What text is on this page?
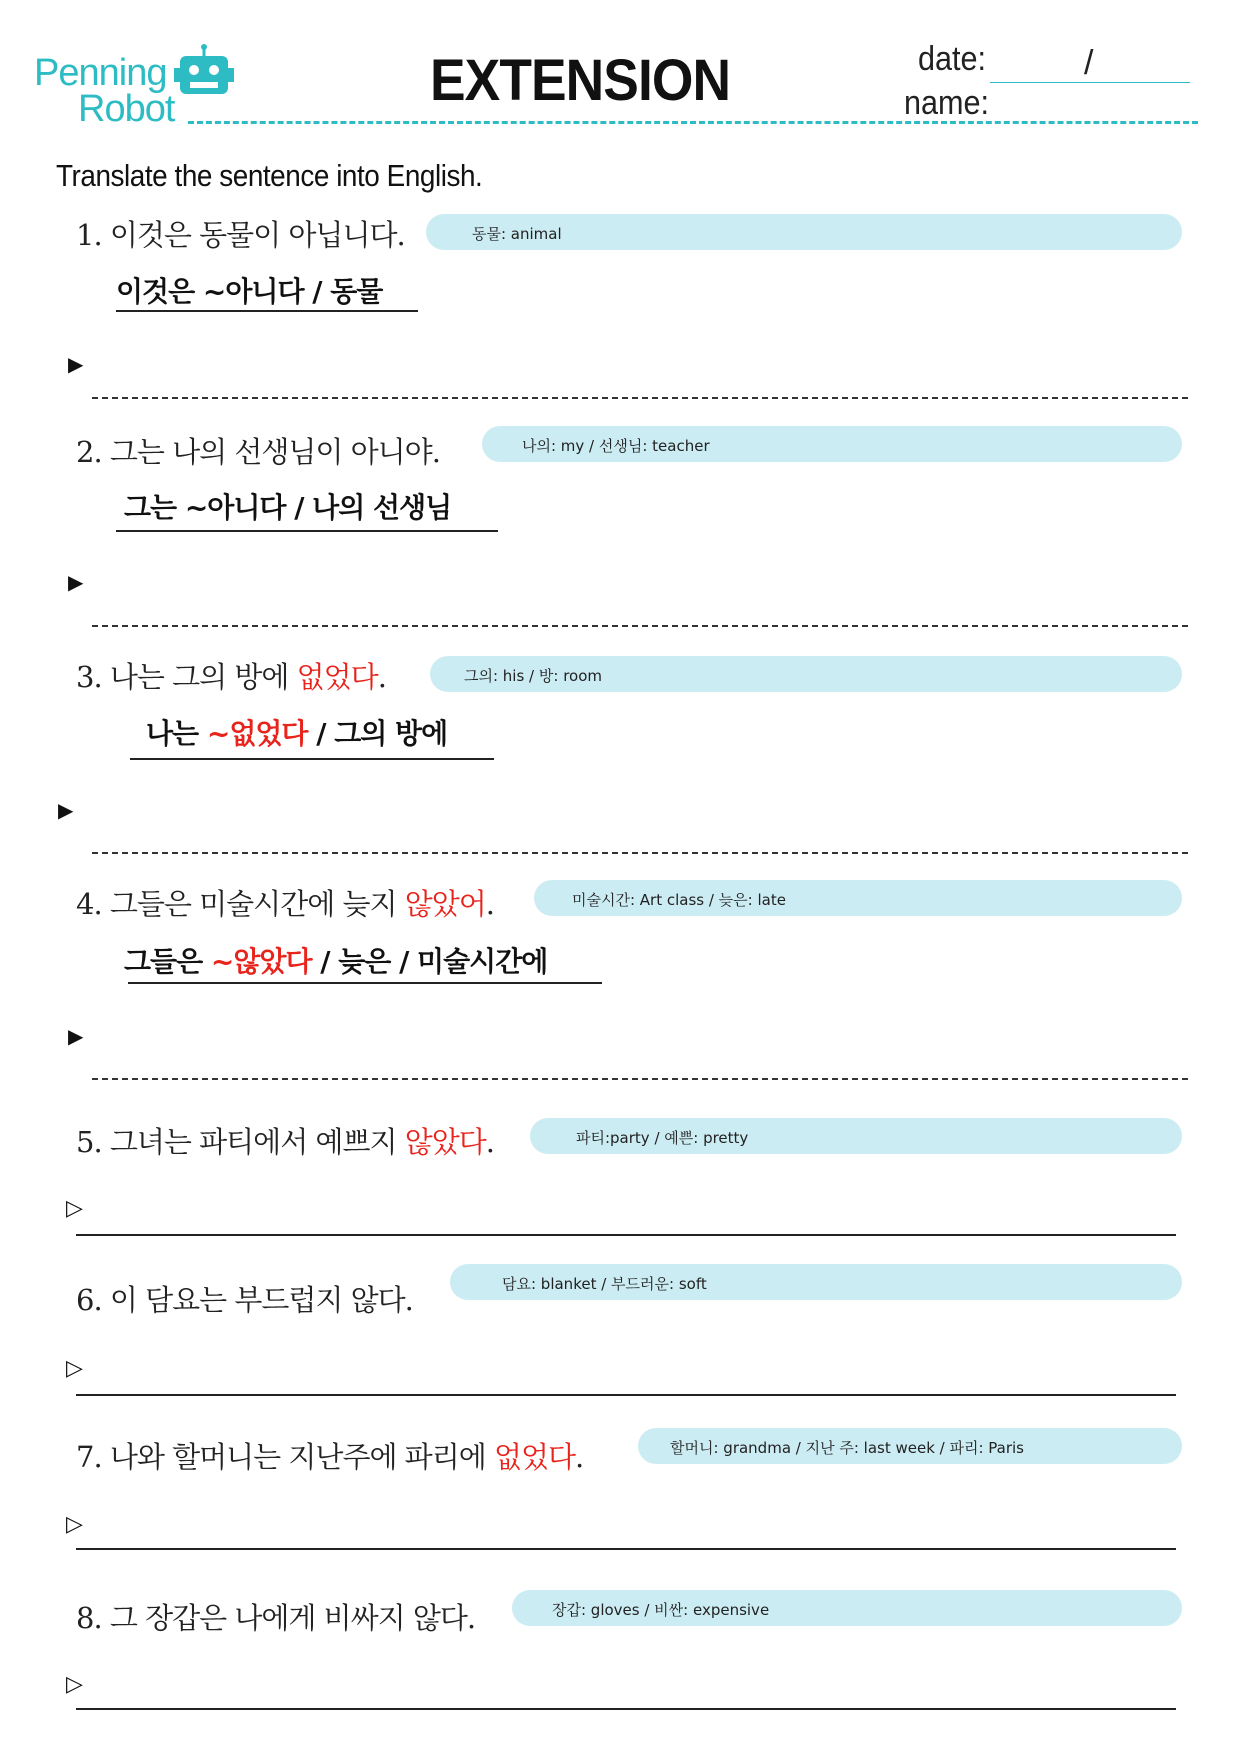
Penning
Robot	EXTENSION	date:	/
name:
Translate the sentence into English.
1. 이것은 동물이 아닙니다.	동물: animal
이것은 ~아니다 / 동물
▶
2. 그는 나의 선생님이 아니야.	나의: my / 선생님: teacher
그는 ~아니다 / 나의 선생님
▶
3. 나는 그의 방에 없었다.	그의: his / 방: room
나는 ~없었다 / 그의 방에
▶
4. 그들은 미술시간에 늦지 않았어.	미술시간: Art class / 늦은: late
그들은 ~않았다 / 늦은 / 미술시간에
▶
5. 그녀는 파티에서 예쁘지 않았다.	파티:party / 예쁜: pretty
▷
6. 이 담요는 부드럽지 않다.	담요: blanket / 부드러운: soft
▷
7. 나와 할머니는 지난주에 파리에 없었다.	할머니: grandma / 지난 주: last week / 파리: Paris
▷
8. 그 장갑은 나에게 비싸지 않다.	장갑: gloves / 비싼: expensive
▷
